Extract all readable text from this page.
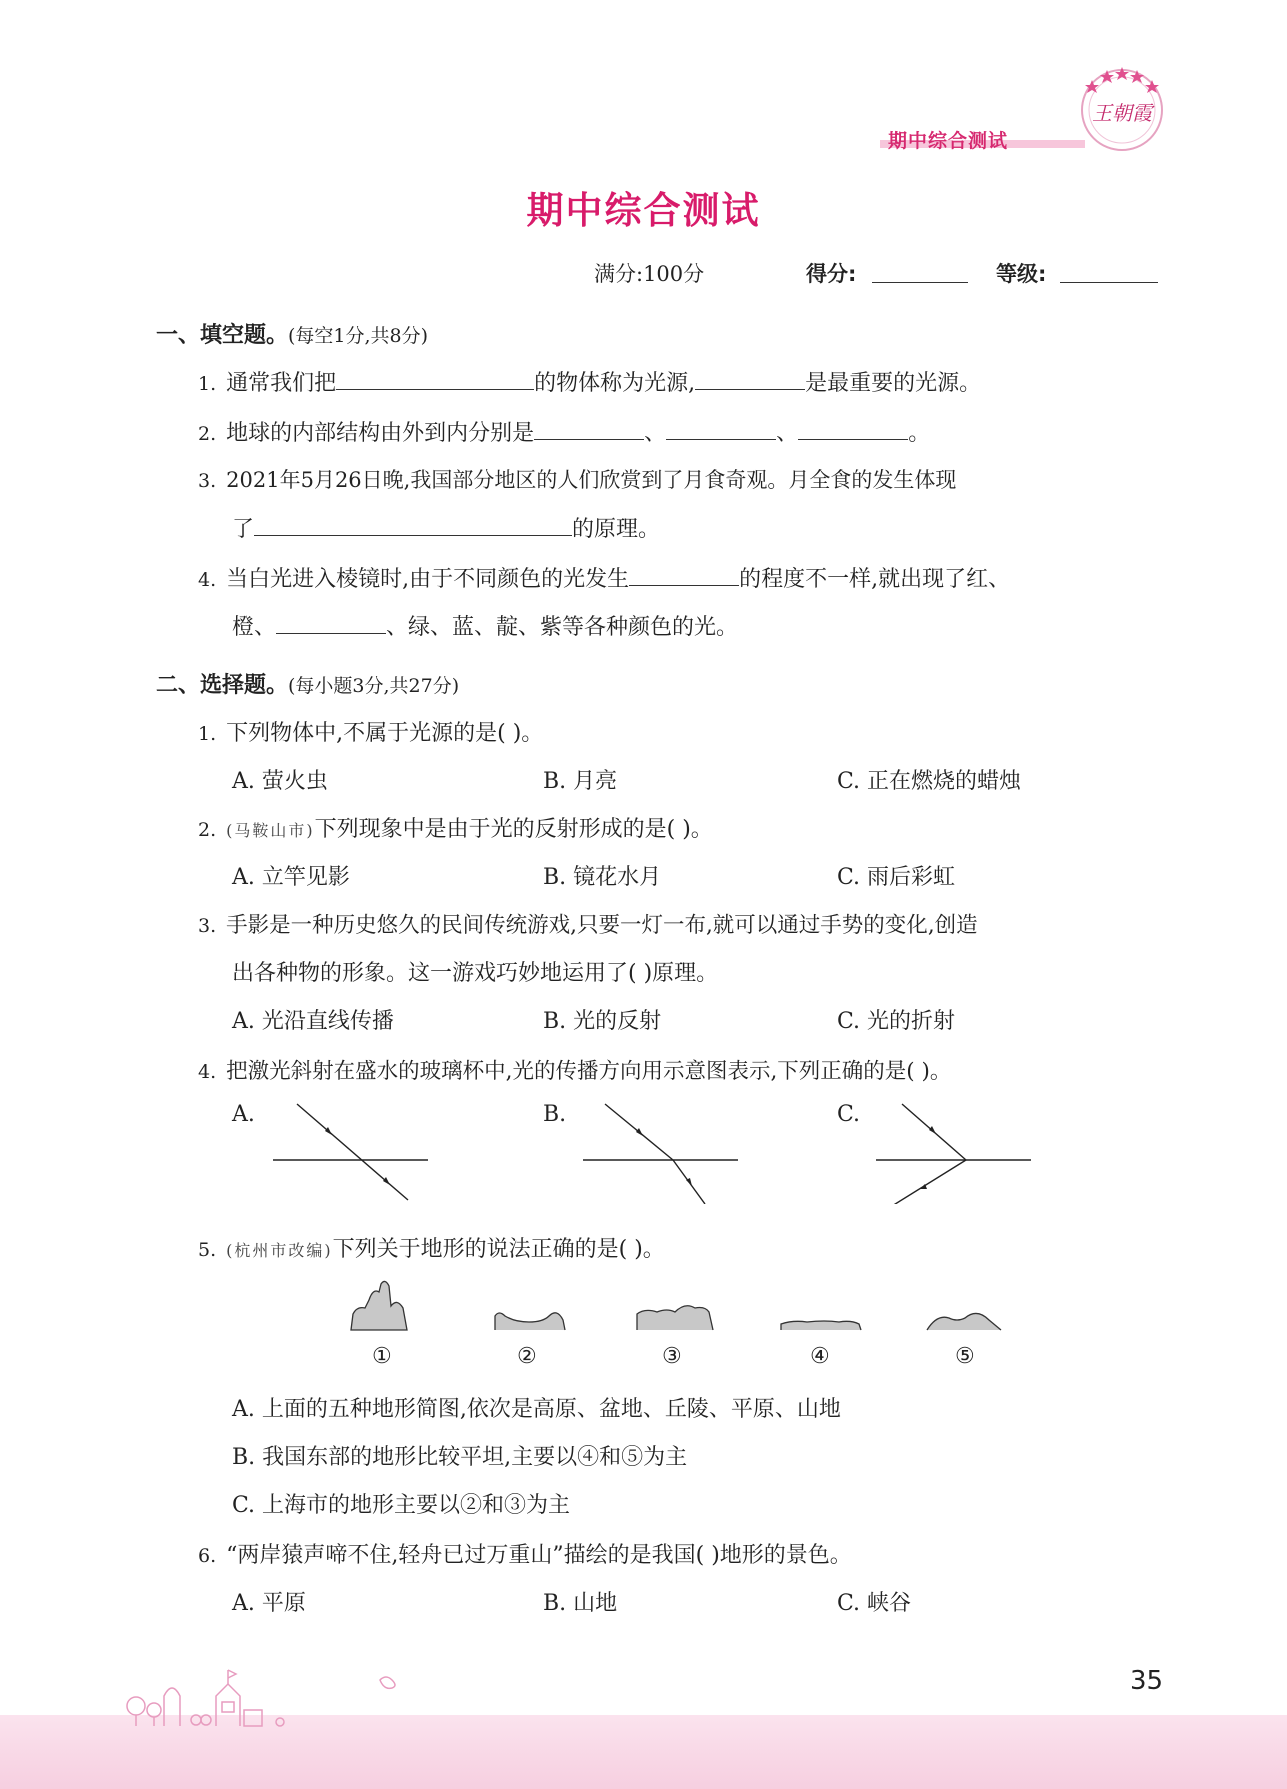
期中综合测试
王朝霞
期中综合测试
满分:100分	得分:	等级:
一、填空题。(每空1分,共8分)
1. 通常我们把	的物体称为光源,	是最重要的光源。
2. 地球的内部结构由外到内分别是	、	、	。
3. 2021年5月26日晚,我国部分地区的人们欣赏到了月食奇观。月全食的发生体现
了	的原理。
4. 当白光进入棱镜时,由于不同颜色的光发生	的程度不一样,就出现了红、
橙、	、绿、蓝、靛、紫等各种颜色的光。
二、选择题。(每小题3分,共27分)
1. 下列物体中,不属于光源的是( )。
A. 萤火虫	B. 月亮	C. 正在燃烧的蜡烛
2. (马鞍山市)下列现象中是由于光的反射形成的是( )。
A. 立竿见影	B. 镜花水月	C. 雨后彩虹
3. 手影是一种历史悠久的民间传统游戏,只要一灯一布,就可以通过手势的变化,创造
出各种物的形象。这一游戏巧妙地运用了( )原理。
A. 光沿直线传播	B. 光的反射	C. 光的折射
4. 把激光斜射在盛水的玻璃杯中,光的传播方向用示意图表示,下列正确的是( )。
A.	B.	C.
5. (杭州市改编)下列关于地形的说法正确的是( )。
①	②	③	④	⑤
A. 上面的五种地形简图,依次是高原、盆地、丘陵、平原、山地
B. 我国东部的地形比较平坦,主要以④和⑤为主
C. 上海市的地形主要以②和③为主
6. “两岸猿声啼不住,轻舟已过万重山”描绘的是我国( )地形的景色。
A. 平原	B. 山地	C. 峡谷
35
